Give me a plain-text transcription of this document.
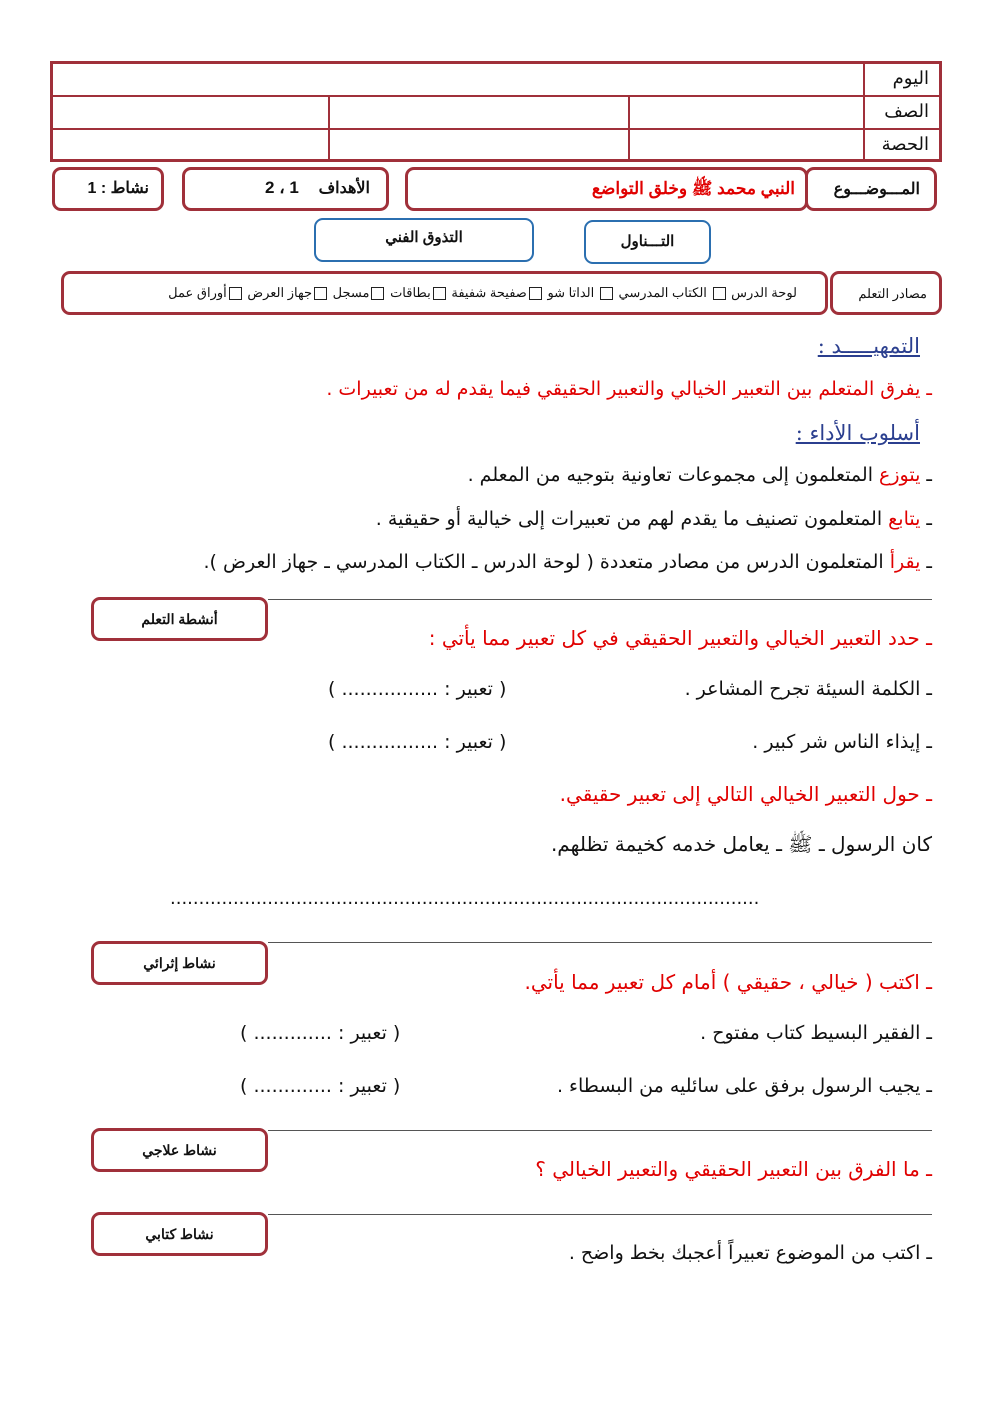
اليوم
الصف
الحصة
نشاط : 1	الأهداف
1 ، 2	النبي محمد ﷺ وخلق التواضع المـــوضـــوع
التذوق الفني	التـــناول
لوحة الدرس  الكتاب المدرسي  الداتا شو صفيحة شفيفة بطاقات مسجل جهاز العرض أوراق عمل	مصادر التعلم
التمهيـــــد :
ـ يفرق المتعلم بين التعبير الخيالي والتعبير الحقيقي فيما يقدم له من تعبيرات .
أسلوب الأداء :
ـ يتوزع المتعلمون إلى مجموعات تعاونية بتوجيه من المعلم .
ـ يتابع المتعلمون تصنيف ما يقدم لهم من تعبيرات إلى خيالية أو حقيقية .
ـ يقرأ المتعلمون الدرس من مصادر متعددة ( لوحة الدرس ـ الكتاب المدرسي ـ جهاز العرض ).
أنشطة التعلم
ـ حدد التعبير الخيالي والتعبير الحقيقي في كل تعبير مما يأتي :
ـ الكلمة السيئة تجرح المشاعر .
( تعبير : ................ )
ـ إيذاء الناس شر كبير .
( تعبير : ................ )
ـ حول التعبير الخيالي التالي إلى تعبير حقيقي.
كان الرسول ـ ﷺ ـ يعامل خدمه كخيمة تظلهم.
.......................................................................................................
نشاط إثرائي
ـ اكتب ( خيالي ، حقيقي ) أمام كل تعبير مما يأتي.
ـ الفقير البسيط كتاب مفتوح .
( تعبير : ............. )
ـ يجيب الرسول برفق على سائليه من البسطاء .
( تعبير : ............. )
نشاط علاجي
ـ ما الفرق بين التعبير الحقيقي والتعبير الخيالي ؟
نشاط كتابي
ـ اكتب من الموضوع تعبيراً أعجبك بخط واضح .
